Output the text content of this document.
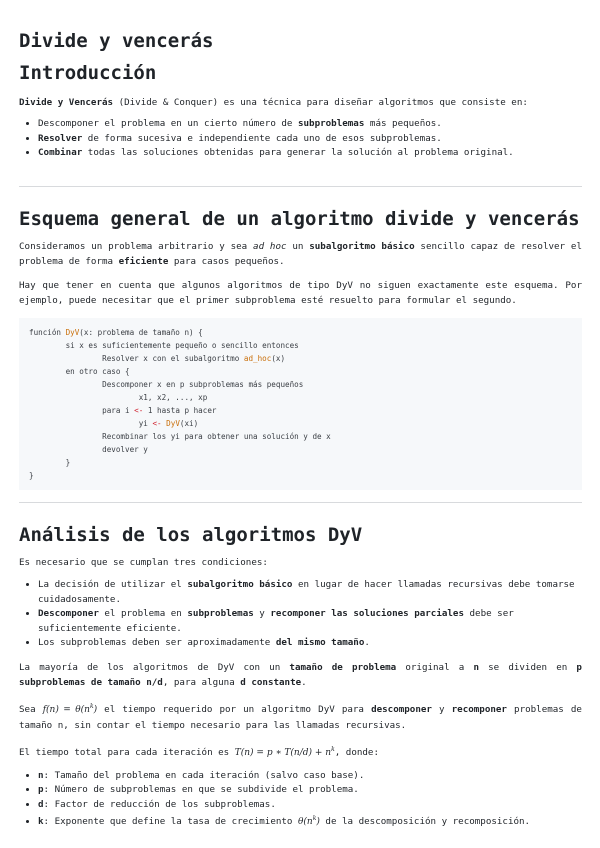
Divide y vencerás
Introducción

Divide y Vencerás (Divide & Conquer) es una técnica para diseñar algoritmos que consiste en:

• Descomponer el problema en un cierto número de subproblemas más pequeños.
• Resolver de forma sucesiva e independiente cada uno de esos subproblemas.
• Combinar todas las soluciones obtenidas para generar la solución al problema original.
Esquema general de un algoritmo divide y vencerás

Consideramos un problema arbitrario y sea ad hoc un subalgoritmo básico sencillo capaz de resolver el problema de forma eficiente para casos pequeños.

Hay que tener en cuenta que algunos algoritmos de tipo DyV no siguen exactamente este esquema. Por ejemplo, puede necesitar que el primer subproblema esté resuelto para formular el segundo.

función DyV(x: problema de tamaño n) {
si x es suficientemente pequeño o sencillo entonces
Resolver x con el subalgoritmo ad_hoc(x)
en otro caso {
Descomponer x en p subproblemas más pequeños
x1, x2, ..., xp
para i <- 1 hasta p hacer
yi <- DyV(xi)
Recombinar los yi para obtener una solución y de x
devolver y
}
}
Análisis de los algoritmos DyV

Es necesario que se cumplan tres condiciones:

• La decisión de utilizar el subalgoritmo básico en lugar de hacer llamadas recursivas debe tomarse cuidadosamente.
• Descomponer el problema en subproblemas y recomponer las soluciones parciales debe ser suficientemente eficiente.
• Los subproblemas deben ser aproximadamente del mismo tamaño.

La mayoría de los algoritmos de DyV con un tamaño de problema original a n se dividen en p subproblemas de tamaño n/d, para alguna d constante.

Sea $f(n) = \theta(n^k)$ el tiempo requerido por un algoritmo DyV para descomponer y recomponer problemas de tamaño n, sin contar el tiempo necesario para las llamadas recursivas.

El tiempo total para cada iteración es T(n) = p ∗ $T(n/d) + n^k$, donde:

• n: Tamaño del problema en cada iteración (salvo caso base).
• p: Número de subproblemas en que se subdivide el problema.
• d: Factor de reducción de los subproblemas.
• k: Exponente que define la tasa de crecimiento $\theta(n^k)$ de la descomposición y recomposición.
